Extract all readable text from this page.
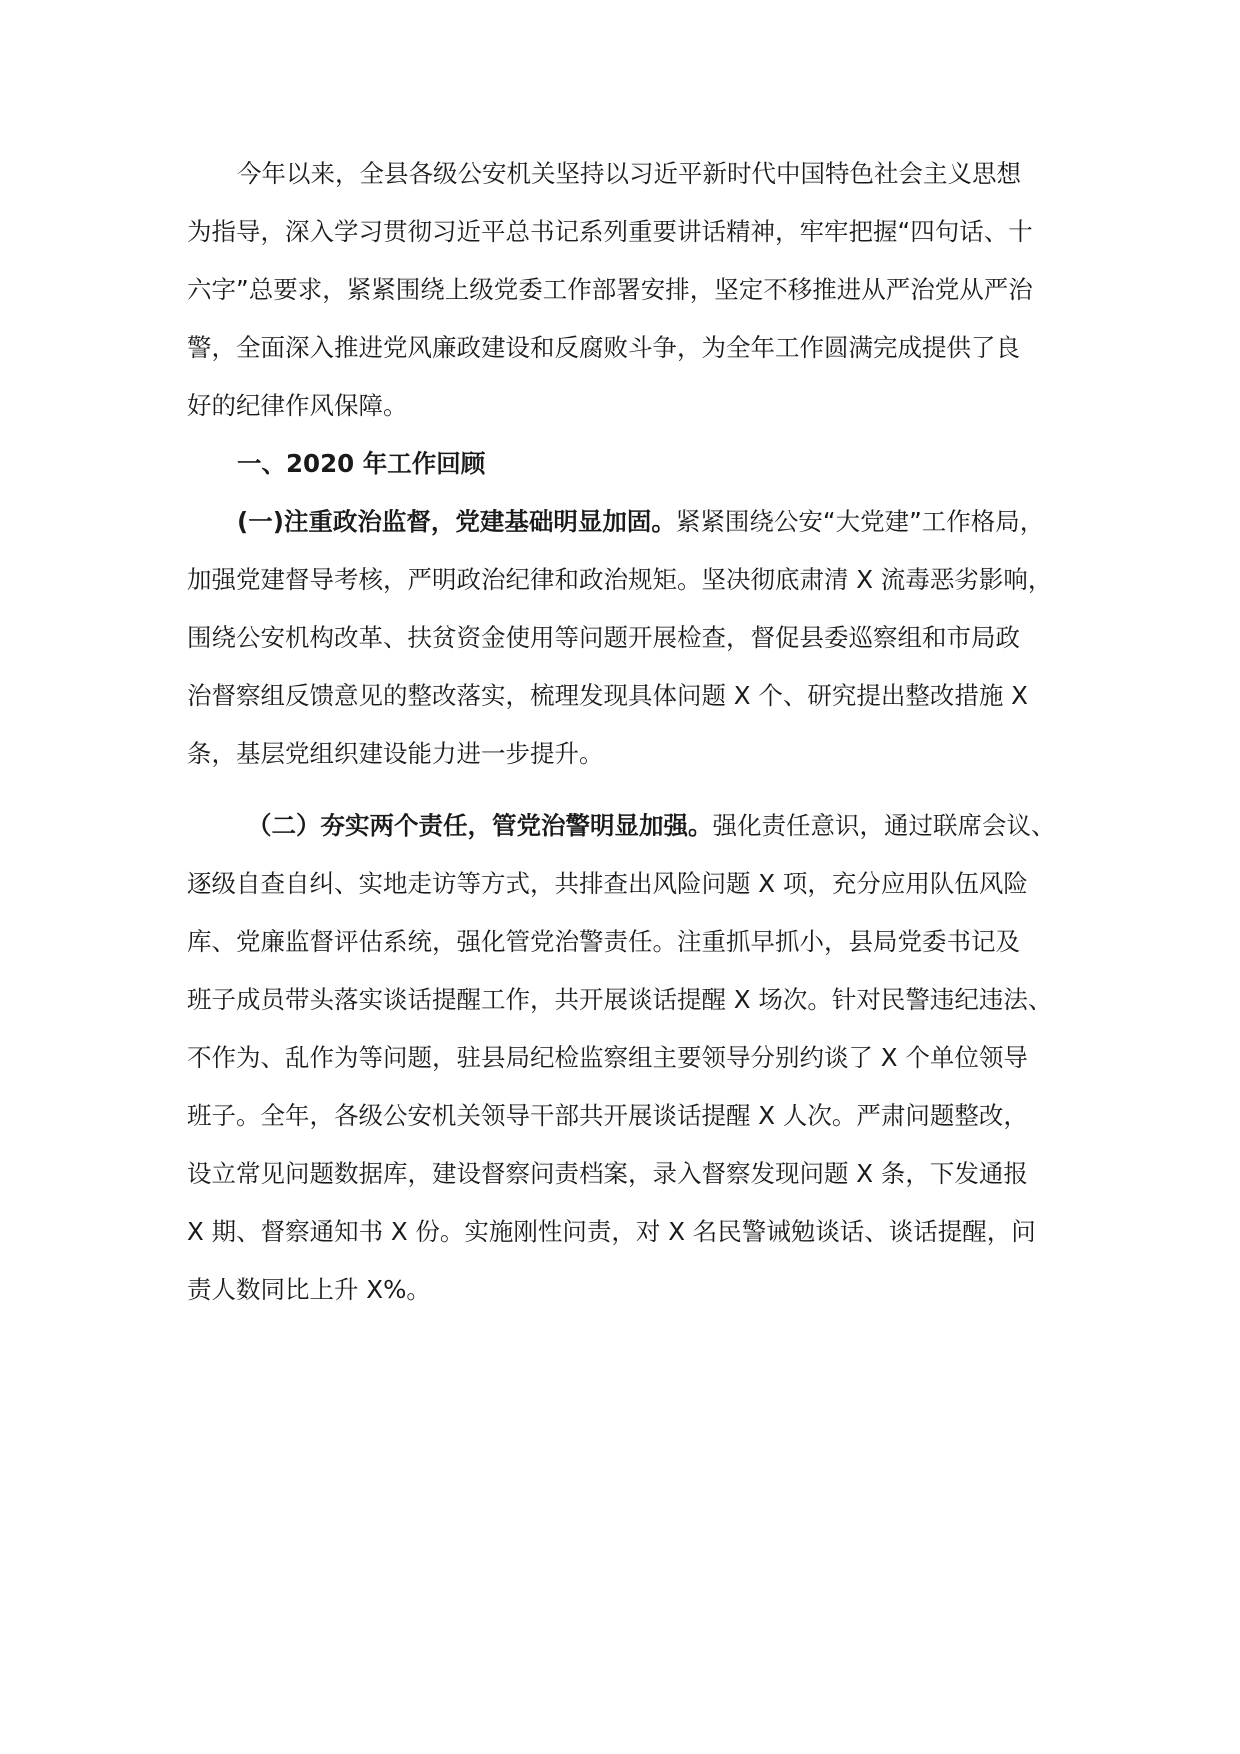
今年以来，全县各级公安机关坚持以习近平新时代中国特色社会主义思想
为指导，深入学习贯彻习近平总书记系列重要讲话精神，牢牢把握“四句话、十
六字”总要求，紧紧围绕上级党委工作部署安排，坚定不移推进从严治党从严治
警，全面深入推进党风廉政建设和反腐败斗争，为全年工作圆满完成提供了良
好的纪律作风保障。
一、2020 年工作回顾
(一)注重政治监督，党建基础明显加固。紧紧围绕公安“大党建”工作格局，
加强党建督导考核，严明政治纪律和政治规矩。坚决彻底肃清 X 流毒恶劣影响，
围绕公安机构改革、扶贫资金使用等问题开展检查，督促县委巡察组和市局政
治督察组反馈意见的整改落实，梳理发现具体问题 X 个、研究提出整改措施 X
条，基层党组织建设能力进一步提升。
（二）夯实两个责任，管党治警明显加强。强化责任意识，通过联席会议、
逐级自查自纠、实地走访等方式，共排查出风险问题 X 项，充分应用队伍风险
库、党廉监督评估系统，强化管党治警责任。注重抓早抓小，县局党委书记及
班子成员带头落实谈话提醒工作，共开展谈话提醒 X 场次。针对民警违纪违法、
不作为、乱作为等问题，驻县局纪检监察组主要领导分别约谈了 X 个单位领导
班子。全年，各级公安机关领导干部共开展谈话提醒 X 人次。严肃问题整改，
设立常见问题数据库，建设督察问责档案，录入督察发现问题 X 条，下发通报
X 期、督察通知书 X 份。实施刚性问责，对 X 名民警诫勉谈话、谈话提醒，问
责人数同比上升 X%。
